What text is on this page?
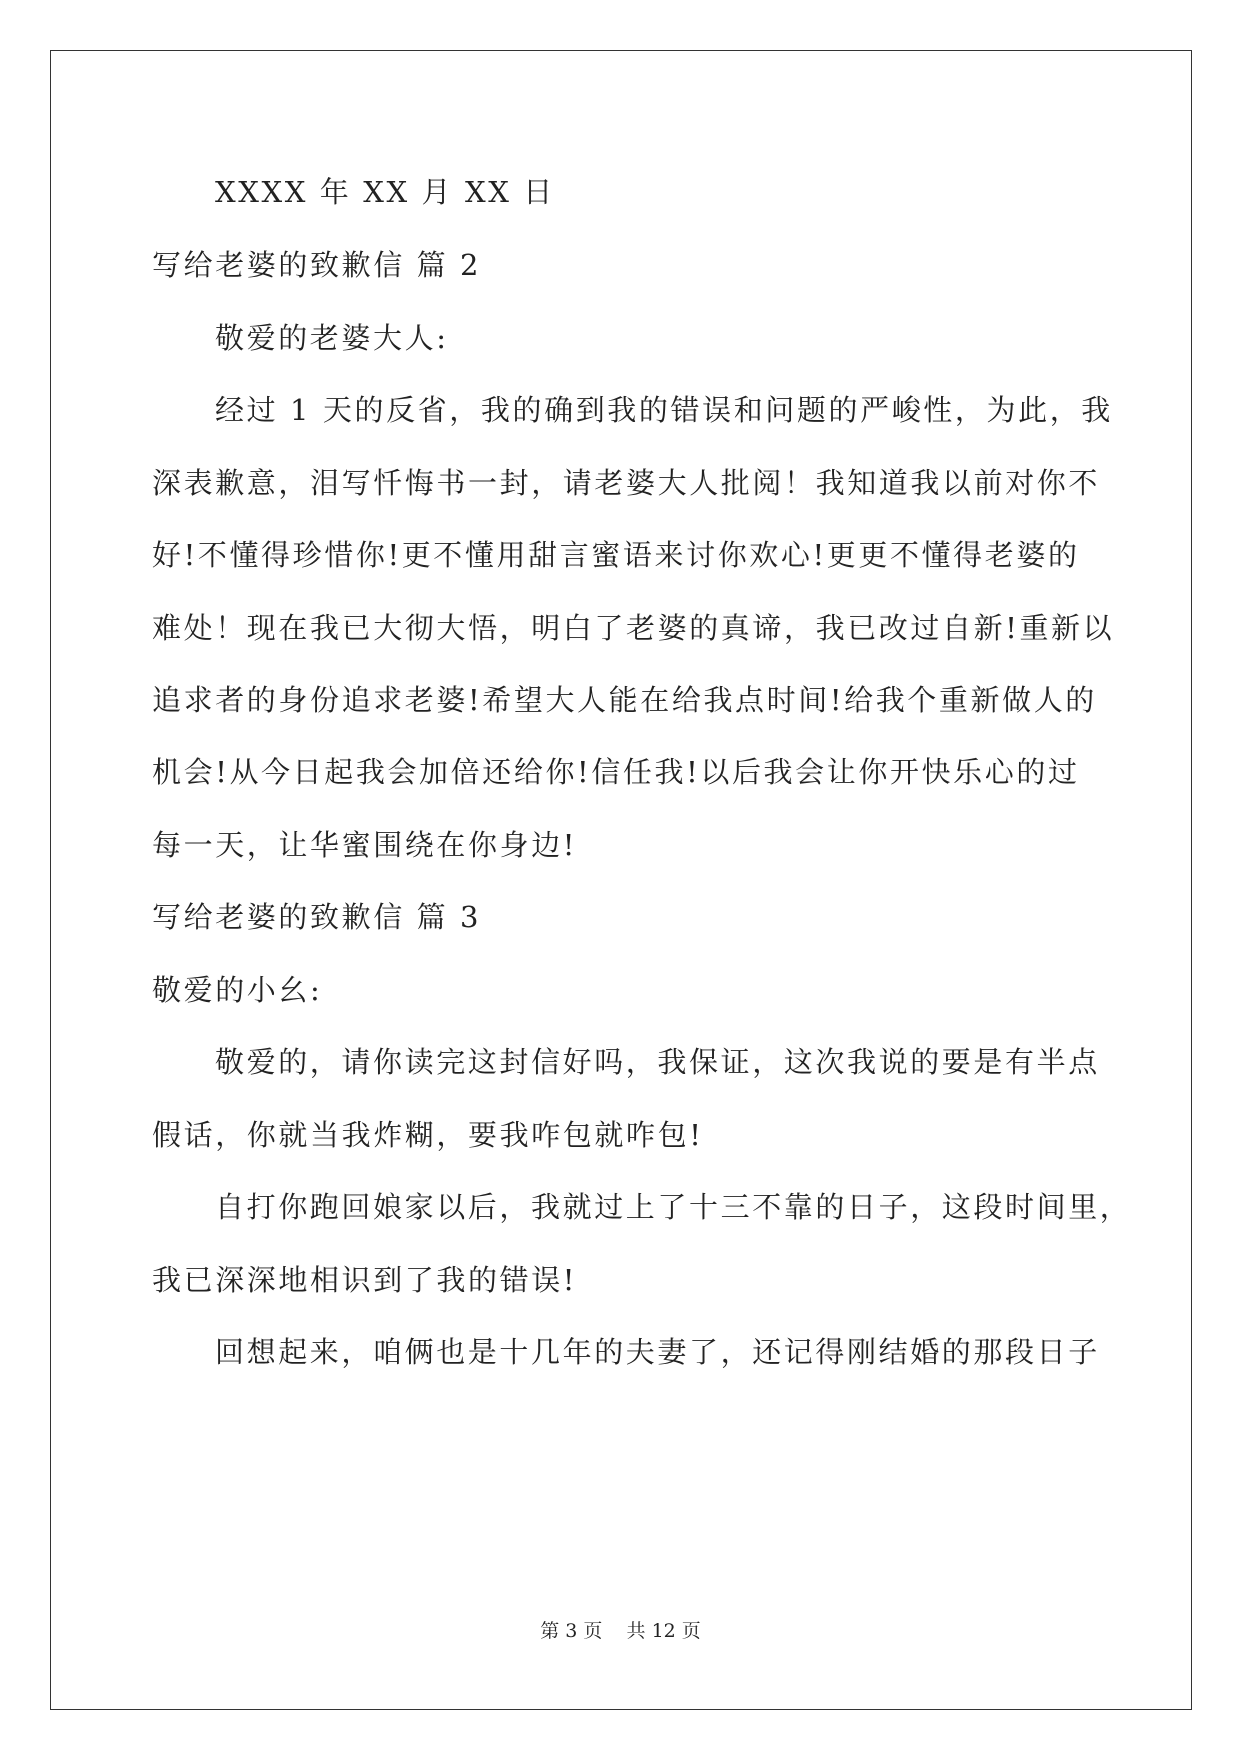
XXXX 年 XX 月 XX 日
写给老婆的致歉信 篇 2
敬爱的老婆大人:
经过 1 天的反省，我的确到我的错误和问题的严峻性，为此，我
深表歉意，泪写忏悔书一封，请老婆大人批阅！我知道我以前对你不
好!不懂得珍惜你!更不懂用甜言蜜语来讨你欢心!更更不懂得老婆的
难处！现在我已大彻大悟，明白了老婆的真谛，我已改过自新!重新以
追求者的身份追求老婆!希望大人能在给我点时间!给我个重新做人的
机会!从今日起我会加倍还给你!信任我!以后我会让你开快乐心的过
每一天，让华蜜围绕在你身边!
写给老婆的致歉信 篇 3
敬爱的小幺:
敬爱的，请你读完这封信好吗，我保证，这次我说的要是有半点
假话，你就当我炸糊，要我咋包就咋包!
自打你跑回娘家以后，我就过上了十三不靠的日子，这段时间里，
我已深深地相识到了我的错误!
回想起来，咱俩也是十几年的夫妻了，还记得刚结婚的那段日子
第 3 页 共 12 页
